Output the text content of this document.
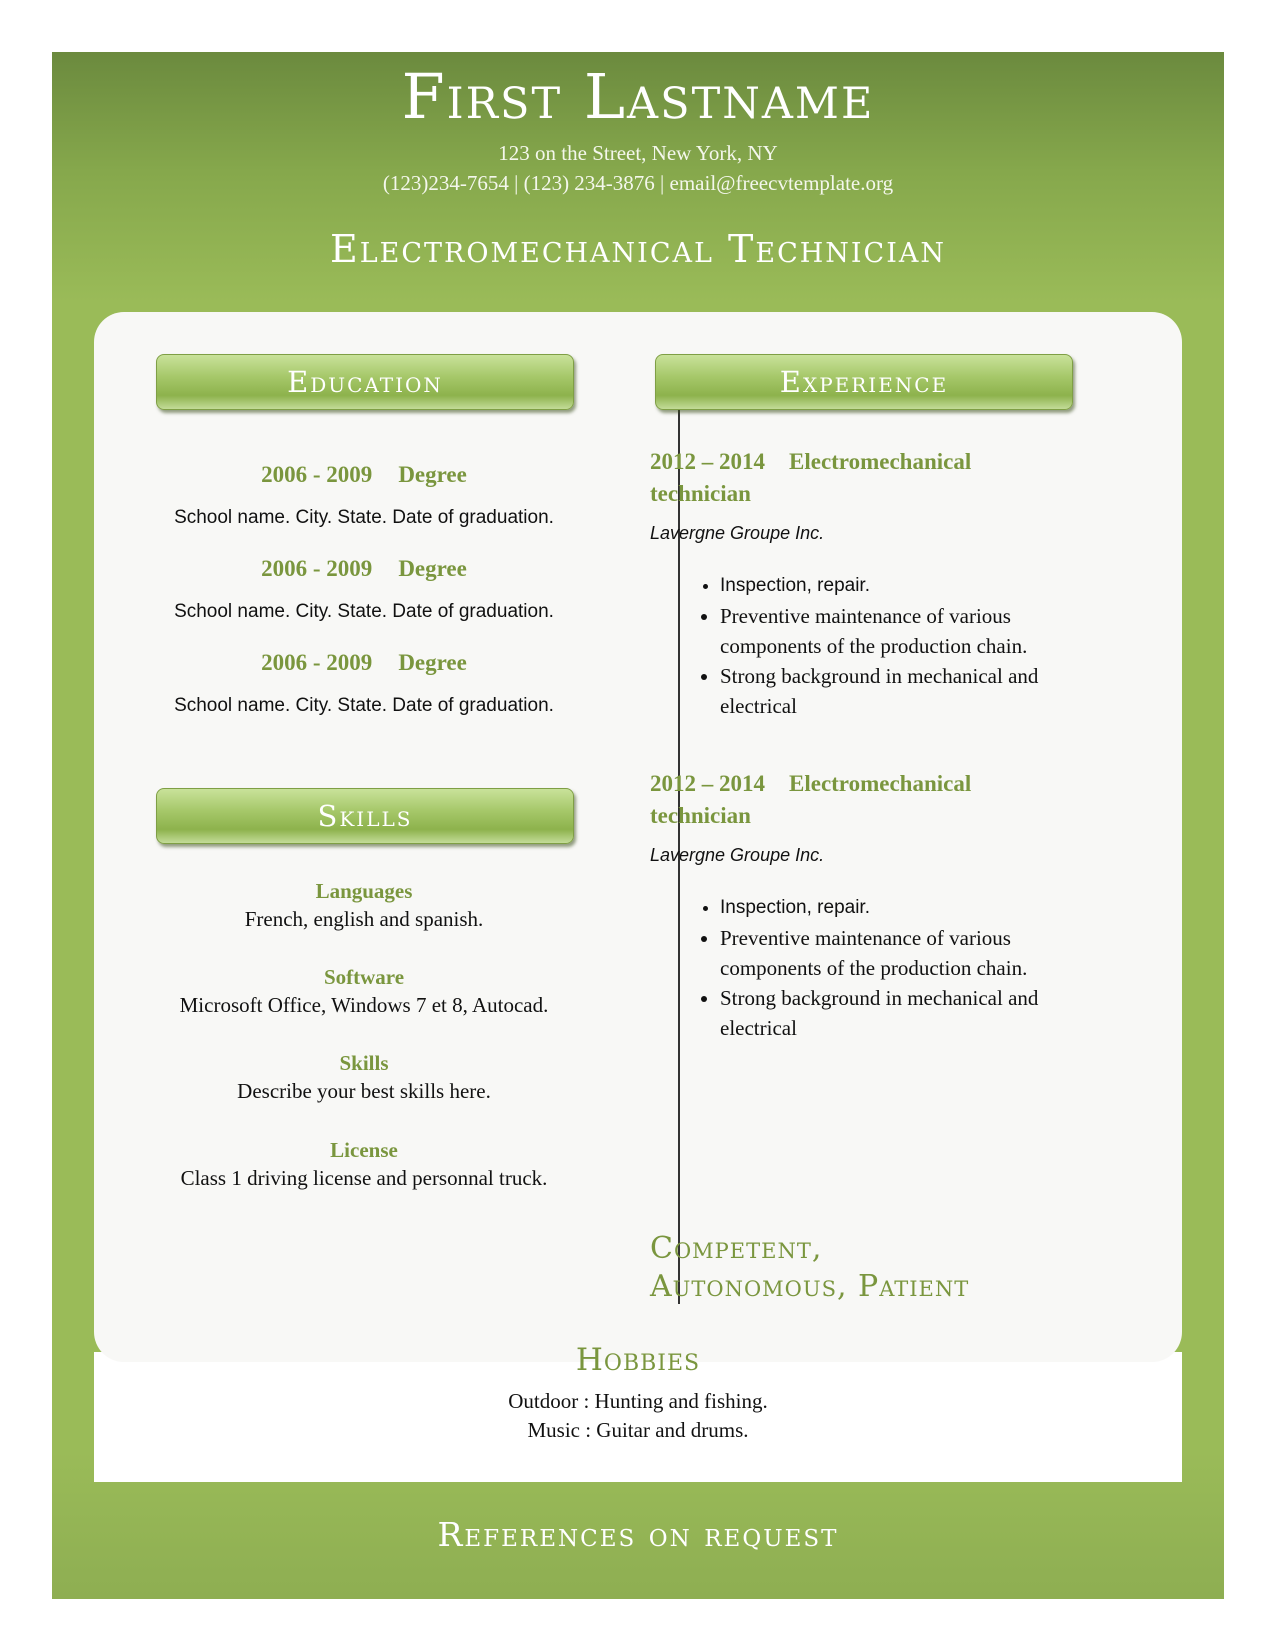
First Lastname
123 on the Street, New York, NY
(123)234-7654 | (123) 234-3876 | email@freecvtemplate.org
Electromechanical Technician
Education
2006 - 2009 Degree
School name. City. State. Date of graduation.
2006 - 2009 Degree
School name. City. State. Date of graduation.
2006 - 2009 Degree
School name. City. State. Date of graduation.
Skills
Languages
French, english and spanish.
Software
Microsoft Office, Windows 7 et 8, Autocad.
Skills
Describe your best skills here.
License
Class 1 driving license and personnal truck.
Experience
2012 – 2014 Electromechanical technician
Lavergne Groupe Inc.
• Inspection, repair.
• Preventive maintenance of various components of the production chain.
• Strong background in mechanical and electrical
2012 – 2014 Electromechanical technician
Lavergne Groupe Inc.
• Inspection, repair.
• Preventive maintenance of various components of the production chain.
• Strong background in mechanical and electrical
Competent,
Autonomous, Patient
Hobbies
Outdoor : Hunting and fishing.
Music : Guitar and drums.
References on request
